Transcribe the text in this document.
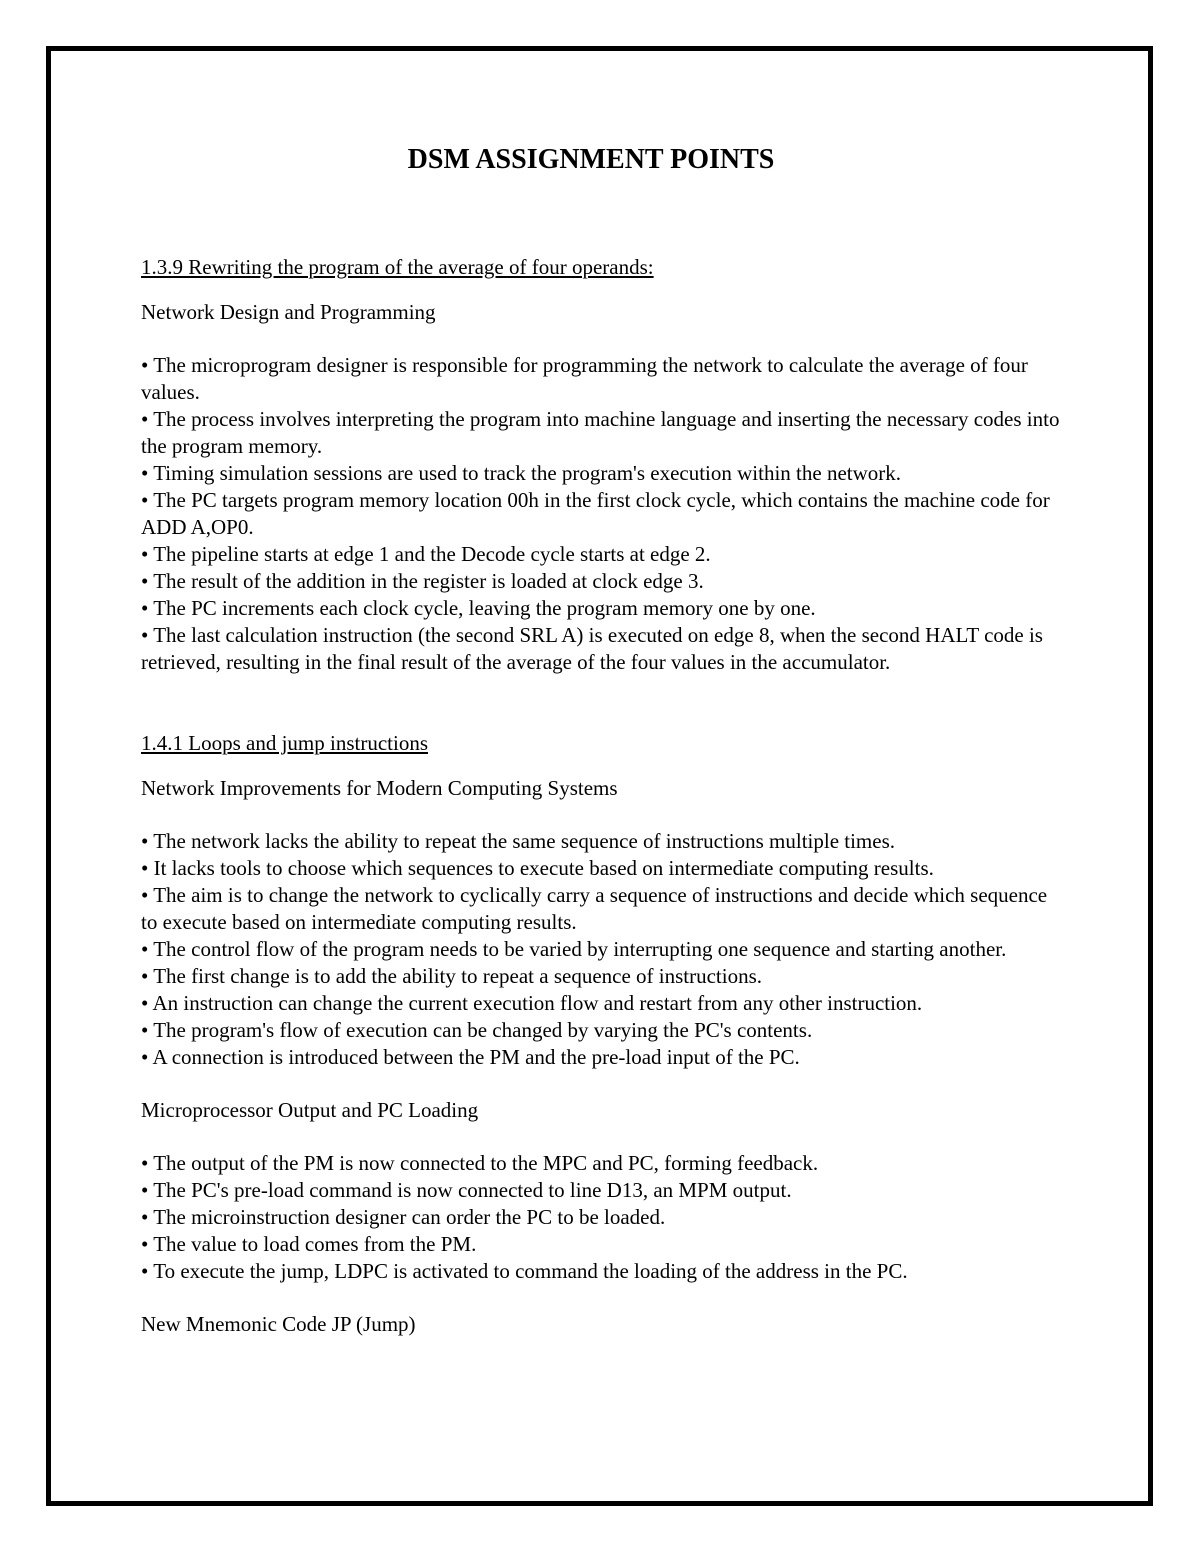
DSM ASSIGNMENT POINTS

1.3.9 Rewriting the program of the average of four operands:

Network Design and Programming

• The microprogram designer is responsible for programming the network to calculate the average of four values.
• The process involves interpreting the program into machine language and inserting the necessary codes into the program memory.
• Timing simulation sessions are used to track the program's execution within the network.
• The PC targets program memory location 00h in the first clock cycle, which contains the machine code for ADD A,OP0.
• The pipeline starts at edge 1 and the Decode cycle starts at edge 2.
• The result of the addition in the register is loaded at clock edge 3.
• The PC increments each clock cycle, leaving the program memory one by one.
• The last calculation instruction (the second SRL A) is executed on edge 8, when the second HALT code is retrieved, resulting in the final result of the average of the four values in the accumulator.

1.4.1 Loops and jump instructions

Network Improvements for Modern Computing Systems

• The network lacks the ability to repeat the same sequence of instructions multiple times.
• It lacks tools to choose which sequences to execute based on intermediate computing results.
• The aim is to change the network to cyclically carry a sequence of instructions and decide which sequence to execute based on intermediate computing results.
• The control flow of the program needs to be varied by interrupting one sequence and starting another.
• The first change is to add the ability to repeat a sequence of instructions.
• An instruction can change the current execution flow and restart from any other instruction.
• The program's flow of execution can be changed by varying the PC's contents.
• A connection is introduced between the PM and the pre-load input of the PC.

Microprocessor Output and PC Loading

• The output of the PM is now connected to the MPC and PC, forming feedback.
• The PC's pre-load command is now connected to line D13, an MPM output.
• The microinstruction designer can order the PC to be loaded.
• The value to load comes from the PM.
• To execute the jump, LDPC is activated to command the loading of the address in the PC.

New Mnemonic Code JP (Jump)
